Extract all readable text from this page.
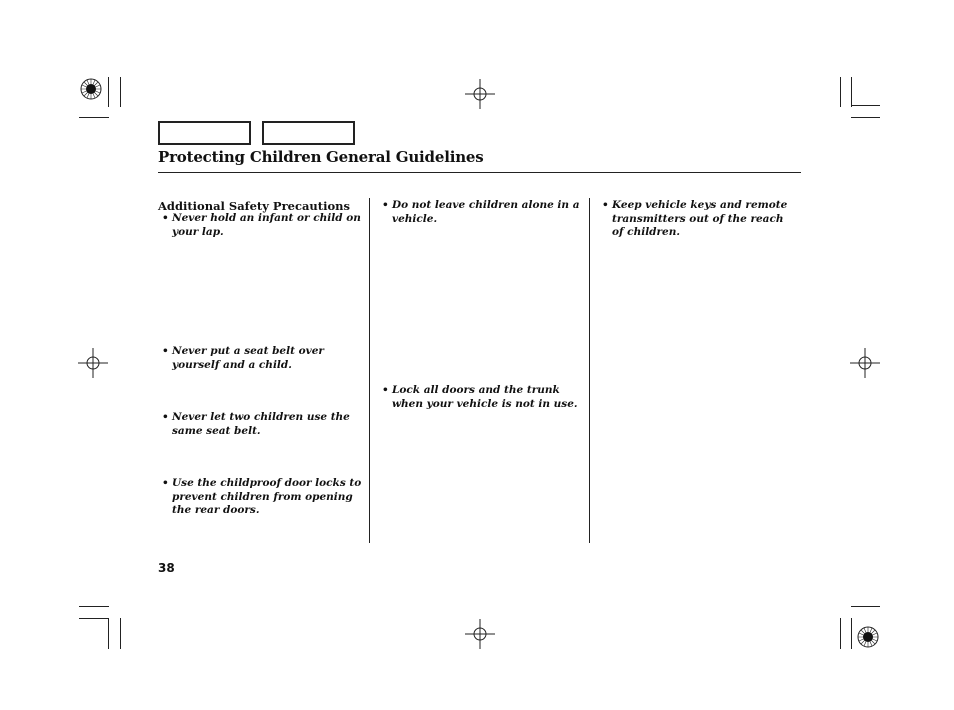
Protecting Children General Guidelines
Additional Safety Precautions
• Never hold an infant or child on your lap.
• Never put a seat belt over yourself and a child.
• Never let two children use the same seat belt.
• Use the childproof door locks to prevent children from opening the rear doors.
• Do not leave children alone in a vehicle.
• Lock all doors and the trunk when your vehicle is not in use.
• Keep vehicle keys and remote transmitters out of the reach of children.
38
